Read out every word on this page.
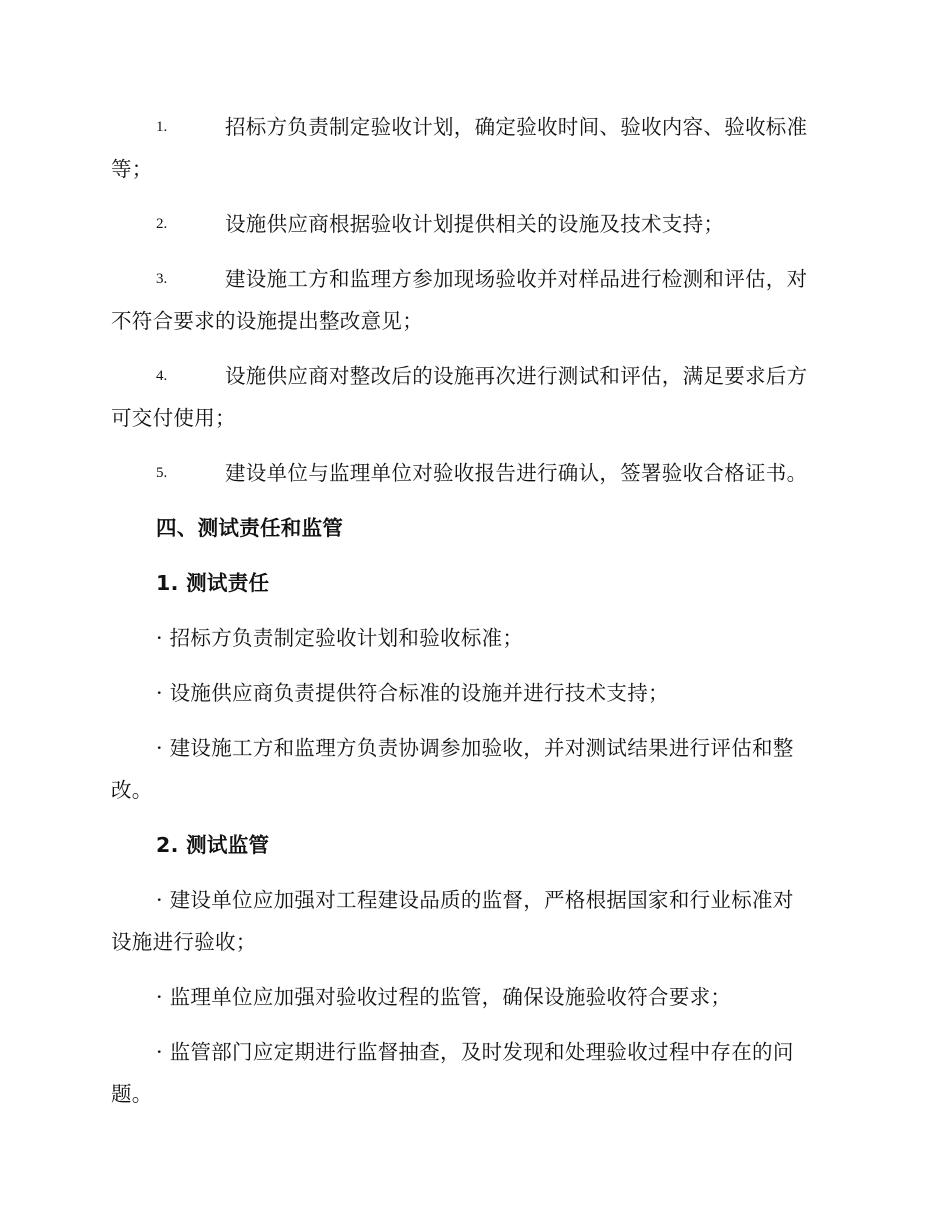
1.	招标方负责制定验收计划，确定验收时间、验收内容、验收标准
等；
2.	设施供应商根据验收计划提供相关的设施及技术支持；
3.	建设施工方和监理方参加现场验收并对样品进行检测和评估，对
不符合要求的设施提出整改意见；
4.	设施供应商对整改后的设施再次进行测试和评估，满足要求后方
可交付使用；
5.	建设单位与监理单位对验收报告进行确认，签署验收合格证书。
四、测试责任和监管
1. 测试责任
· 招标方负责制定验收计划和验收标准；
· 设施供应商负责提供符合标准的设施并进行技术支持；
· 建设施工方和监理方负责协调参加验收，并对测试结果进行评估和整
改。
2. 测试监管
· 建设单位应加强对工程建设品质的监督，严格根据国家和行业标准对
设施进行验收；
· 监理单位应加强对验收过程的监管，确保设施验收符合要求；
· 监管部门应定期进行监督抽查，及时发现和处理验收过程中存在的问
题。
